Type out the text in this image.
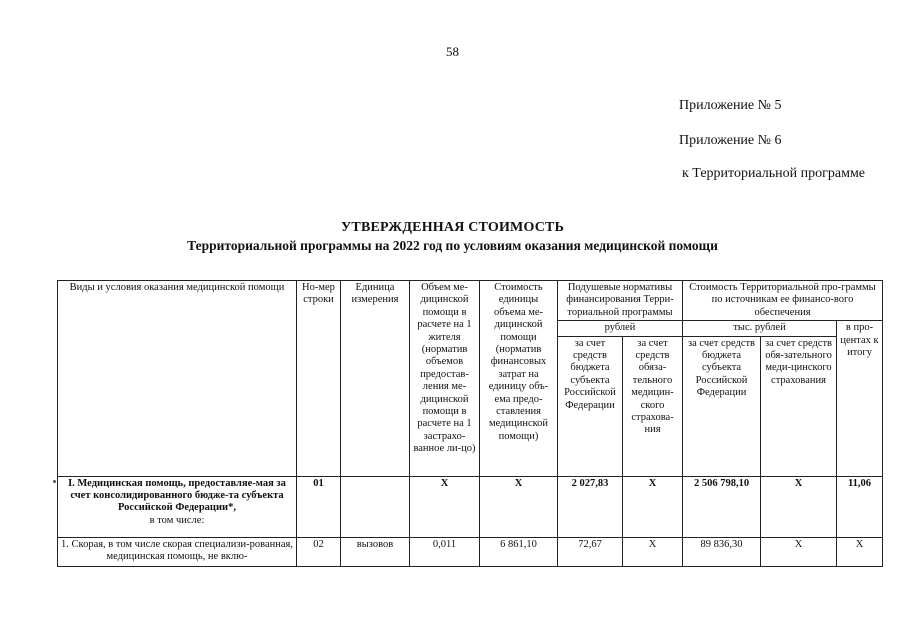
58
Приложение № 5
Приложение № 6
к Территориальной программе
УТВЕРЖДЕННАЯ СТОИМОСТЬ
Территориальной программы на 2022 год по условиям оказания медицинской помощи
Виды и условия оказания медицинской помощи	Но-мер строки	Единица измерения	Объем ме-дицинской помощи в расчете на 1 жителя (норматив объемов предостав-ления ме-дицинской помощи в расчете на 1 застрахо-ванное ли-цо)	Стоимость единицы объема ме-дицинской помощи (норматив финансовых затрат на единицу объ-ема предо-ставления медицинской помощи)	Подушевые нормативы финансирования Терри-ториальной программы		Стоимость Территориальной про-граммы по источникам ее финансо-вого обеспечения		
					рублей		тыс. рублей		в про-центах к итогу
					за счет средств бюджета субъекта Российской Федерации	за счет средств обяза-тельного медицин-ского страхова-ния	за счет средств бюджета субъекта Российской Федерации	за счет средств обя-зательного меди-цинского страхования	
I. Медицинская помощь, предоставляе-мая за счет консолидированного бюдже-та субъекта Российской Федерации*,
в том числе:	01		X	X	2 027,83	X	2 506 798,10	X	11,06
1. Скорая, в том числе скорая специализи-рованная, медицинская помощь, не вклю-	02	вызовов	0,011	6 861,10	72,67	X	89 836,30	X	X
